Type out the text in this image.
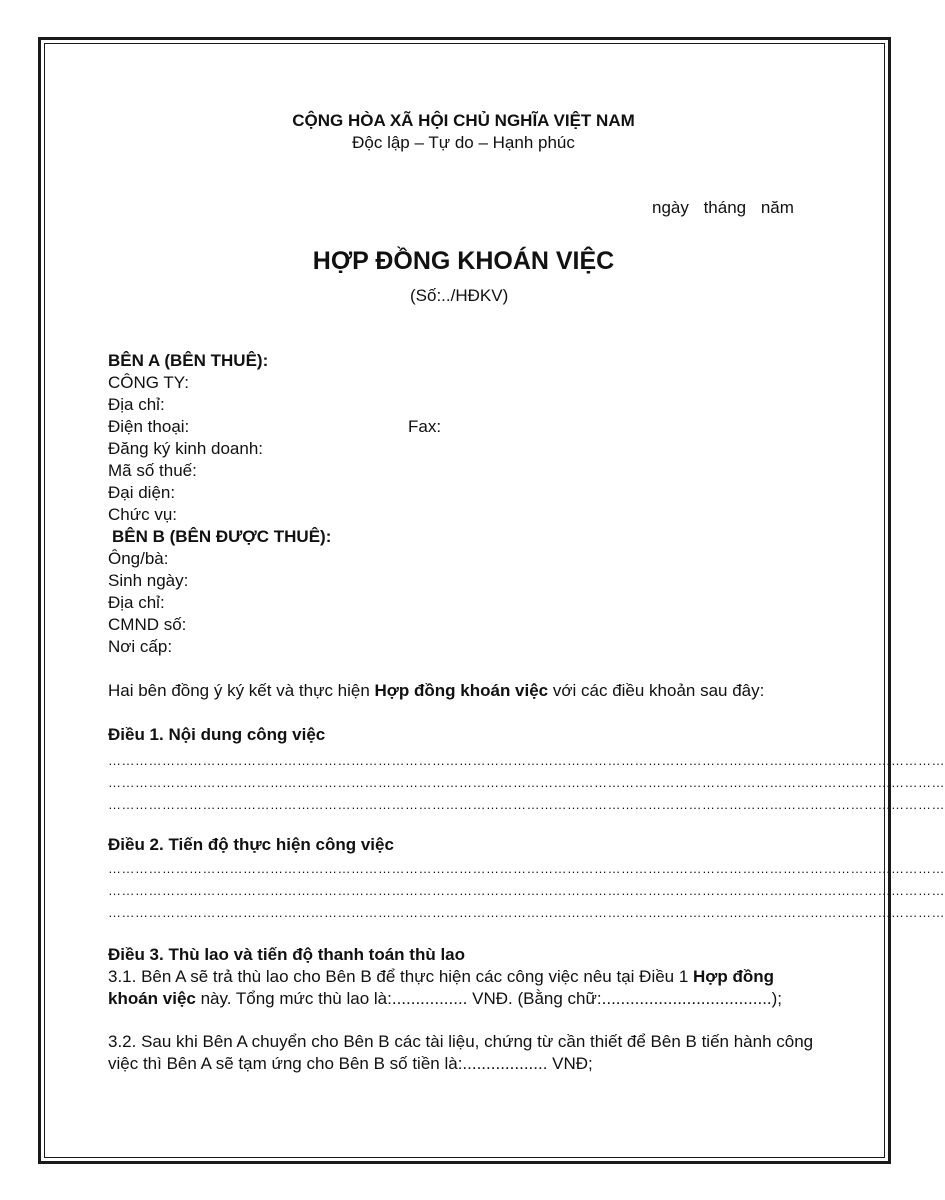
CỘNG HÒA XÃ HỘI CHỦ NGHĨA VIỆT NAM
Độc lập – Tự do – Hạnh phúc
ngày tháng năm
HỢP ĐỒNG KHOÁN VIỆC
(Số:../HĐKV)
BÊN A (BÊN THUÊ):
CÔNG TY:
Địa chỉ:
Điện thoại:	Fax:
Đăng ký kinh doanh:
Mã số thuế:
Đại diện:
Chức vụ:
BÊN B (BÊN ĐƯỢC THUÊ):
Ông/bà:
Sinh ngày:
Địa chỉ:
CMND số:
Nơi cấp:
Hai bên đồng ý ký kết và thực hiện Hợp đồng khoán việc với các điều khoản sau đây:
Điều 1. Nội dung công việc
……………………………………………………………………………………………………………………………………………………………………
……………………………………………………………………………………………………………………………………………………………………
……………………………………………………………………………………………………………………………………………………………………
Điều 2. Tiến độ thực hiện công việc
……………………………………………………………………………………………………………………………………………………………………
……………………………………………………………………………………………………………………………………………………………………
……………………………………………………………………………………………………………………………………………………………………
Điều 3. Thù lao và tiến độ thanh toán thù lao
3.1. Bên A sẽ trả thù lao cho Bên B để thực hiện các công việc nêu tại Điều 1 Hợp đồng khoán việc này. Tổng mức thù lao là:................ VNĐ. (Bằng chữ:....................................);
3.2. Sau khi Bên A chuyển cho Bên B các tài liệu, chứng từ cần thiết để Bên B tiến hành công việc thì Bên A sẽ tạm ứng cho Bên B số tiền là:.................. VNĐ;
